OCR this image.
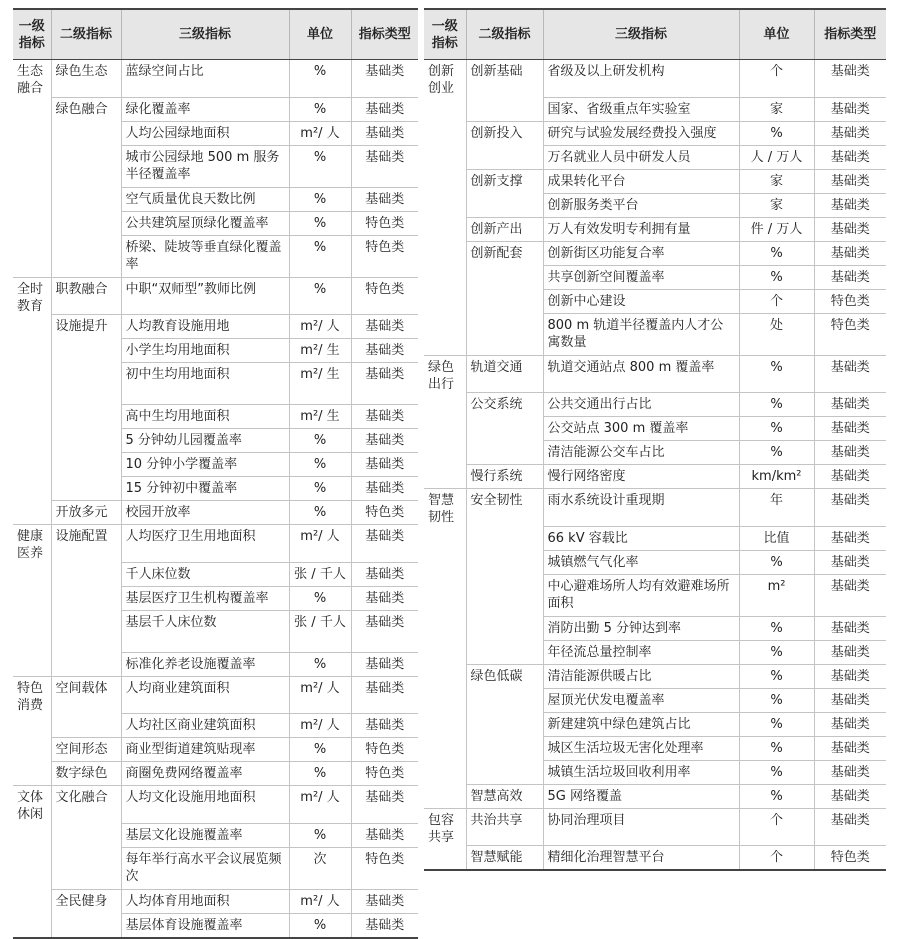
一级
指标	二级指标	三级指标	单位	指标类型
生态
融合	绿色生态	蓝绿空间占比	%	基础类
	绿色融合	绿化覆盖率	%	基础类
		人均公园绿地面积	m²/ 人	基础类
		城市公园绿地 500 m 服务半径覆盖率	%	基础类
		空气质量优良天数比例	%	基础类
		公共建筑屋顶绿化覆盖率	%	特色类
		桥梁、陡坡等垂直绿化覆盖率	%	特色类
全时
教育	职教融合	中职“双师型”教师比例	%	特色类
	设施提升	人均教育设施用地	m²/ 人	基础类
		小学生均用地面积	m²/ 生	基础类
		初中生均用地面积	m²/ 生	基础类
		高中生均用地面积	m²/ 生	基础类
		5 分钟幼儿园覆盖率	%	基础类
		10 分钟小学覆盖率	%	基础类
		15 分钟初中覆盖率	%	基础类
	开放多元	校园开放率	%	特色类
健康
医养	设施配置	人均医疗卫生用地面积	m²/ 人	基础类
		千人床位数	张 / 千人	基础类
		基层医疗卫生机构覆盖率	%	基础类
		基层千人床位数	张 / 千人	基础类
		标准化养老设施覆盖率	%	基础类
特色
消费	空间载体	人均商业建筑面积	m²/ 人	基础类
		人均社区商业建筑面积	m²/ 人	基础类
	空间形态	商业型街道建筑贴现率	%	特色类
	数字绿色	商圈免费网络覆盖率	%	特色类
文体
休闲	文化融合	人均文化设施用地面积	m²/ 人	基础类
		基层文化设施覆盖率	%	基础类
		每年举行高水平会议展览频次	次	特色类
	全民健身	人均体育用地面积	m²/ 人	基础类
		基层体育设施覆盖率	%	基础类
一级
指标	二级指标	三级指标	单位	指标类型
创新
创业	创新基础	省级及以上研发机构	个	基础类
		国家、省级重点年实验室	家	基础类
	创新投入	研究与试验发展经费投入强度	%	基础类
		万名就业人员中研发人员	人 / 万人	基础类
	创新支撑	成果转化平台	家	基础类
		创新服务类平台	家	基础类
	创新产出	万人有效发明专利拥有量	件 / 万人	基础类
	创新配套	创新街区功能复合率	%	基础类
		共享创新空间覆盖率	%	基础类
		创新中心建设	个	特色类
		800 m 轨道半径覆盖内人才公寓数量	处	特色类
绿色
出行	轨道交通	轨道交通站点 800 m 覆盖率	%	基础类
	公交系统	公共交通出行占比	%	基础类
		公交站点 300 m 覆盖率	%	基础类
		清洁能源公交车占比	%	基础类
	慢行系统	慢行网络密度	km/km²	基础类
智慧
韧性	安全韧性	雨水系统设计重现期	年	基础类
		66 kV 容载比	比值	基础类
		城镇燃气气化率	%	基础类
		中心避难场所人均有效避难场所面积	m²	基础类
		消防出勤 5 分钟达到率	%	基础类
		年径流总量控制率	%	基础类
	绿色低碳	清洁能源供暖占比	%	基础类
		屋顶光伏发电覆盖率	%	基础类
		新建建筑中绿色建筑占比	%	基础类
		城区生活垃圾无害化处理率	%	基础类
		城镇生活垃圾回收利用率	%	基础类
	智慧高效	5G 网络覆盖	%	基础类
包容
共享	共治共享	协同治理项目	个	基础类
	智慧赋能	精细化治理智慧平台	个	特色类
